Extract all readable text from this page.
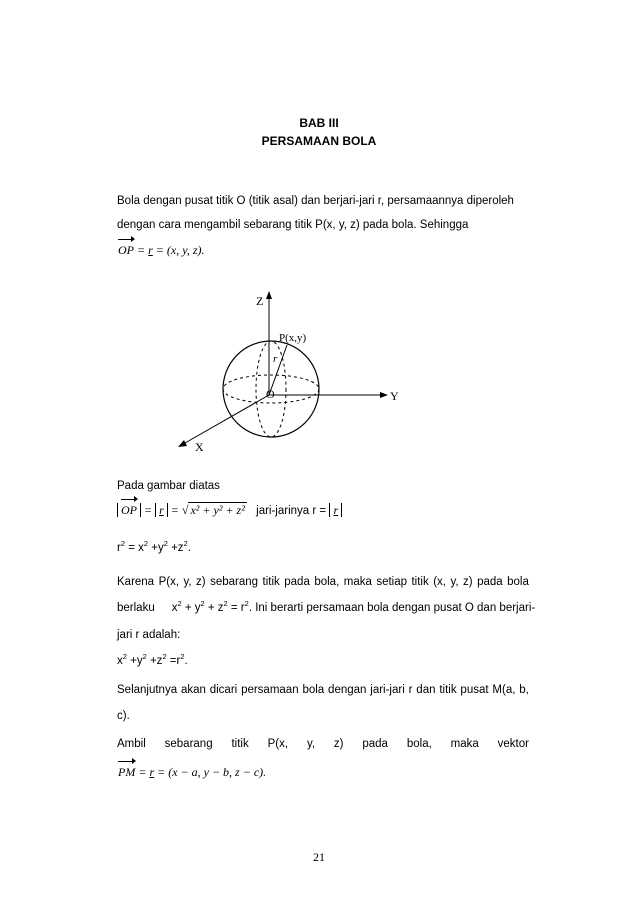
BAB III
PERSAMAAN BOLA
Bola dengan pusat titik O (titik asal) dan berjari-jari r, persamaannya diperoleh
dengan cara mengambil sebarang titik P(x, y, z) pada bola. Sehingga
OP = r = (x, y, z).
Z
Y
X
O
P(x,y)
r
Pada gambar diatas
OP = r = √ x² + y² + z² jari-jarinya r = r
$r^2 = x^2 +y^2 +z^2$.
Karena P(x, y, z) sebarang titik pada bola, maka setiap titik (x, y, z) pada bola
berlaku $x^2 + y^2 + z^2 = r^2$. Ini berarti persamaan bola dengan pusat O dan berjari-
jari r adalah:
$x^2 +y^2 +z^2 =r^2$.
Selanjutnya akan dicari persamaan bola dengan jari-jari r dan titik pusat M(a, b,
c).
Ambil sebarang titik P(x, y, z) pada bola, maka vektor
PM = r = (x − a, y − b, z − c).
21
